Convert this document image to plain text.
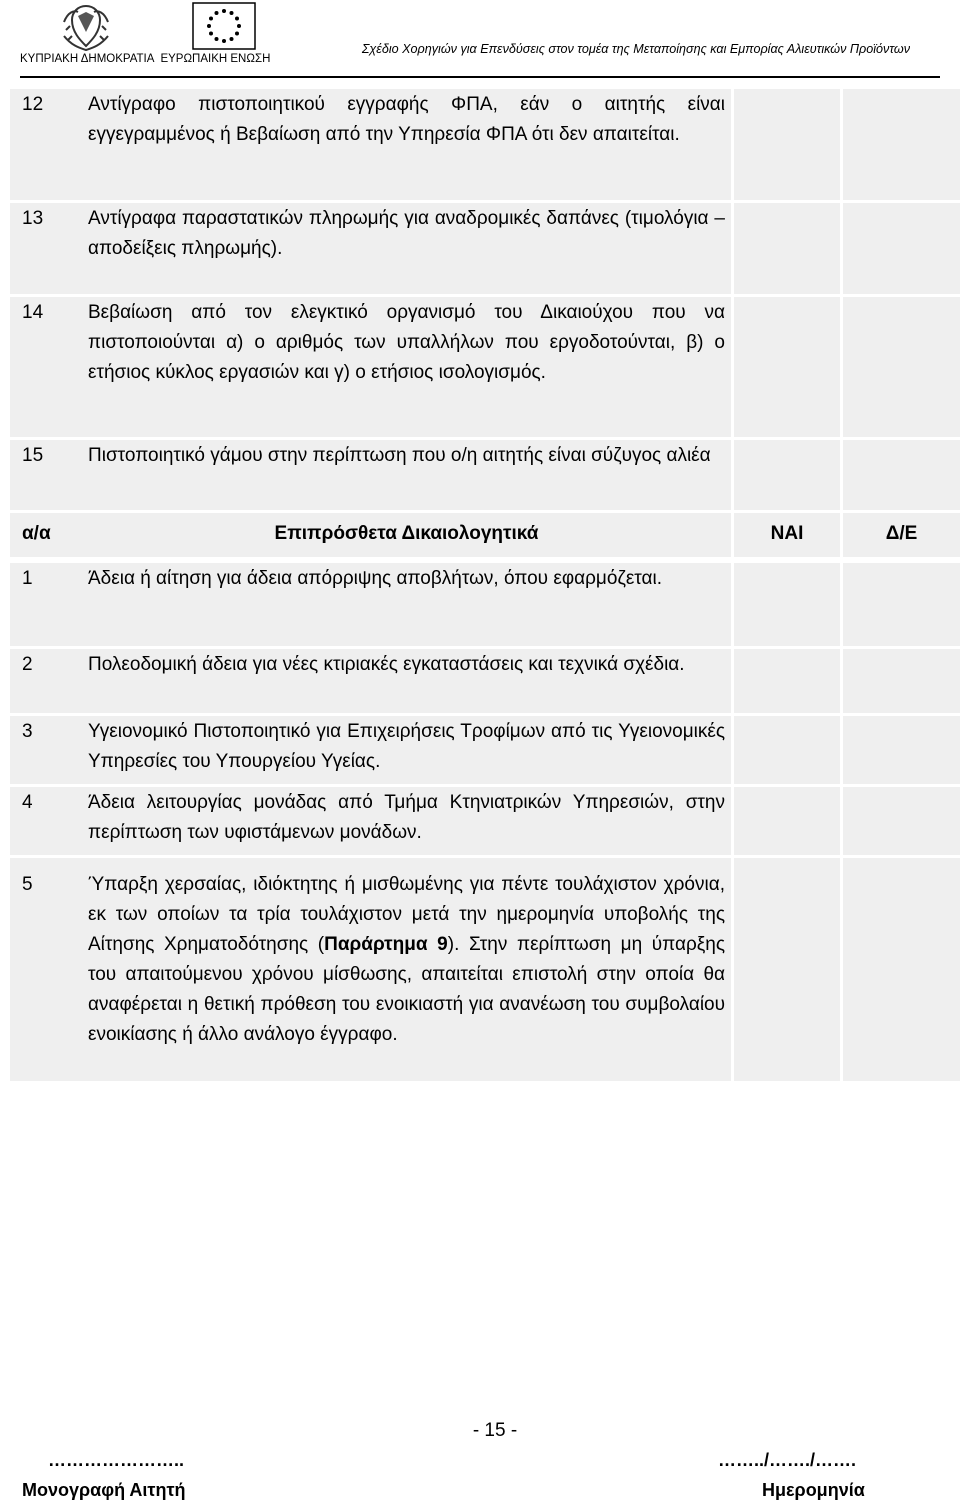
ΚΥΠΡΙΑΚΗ ΔΗΜΟΚΡΑΤΙΑ ΕΥΡΩΠΑΙΚΗ ΕΝΩΣΗ
Σχέδιο Χορηγιών για Επενδύσεις στον τομέα της Μεταποίησης και Εμπορίας Αλιευτικών Προϊόντων
12	Αντίγραφο πιστοποιητικού εγγραφής ΦΠΑ, εάν ο αιτητής είναι εγγεγραμμένος ή Βεβαίωση από την Υπηρεσία ΦΠΑ ότι δεν απαιτείται.
13	Αντίγραφα παραστατικών πληρωμής για αναδρομικές δαπάνες (τιμολόγια – αποδείξεις πληρωμής).
14	Βεβαίωση από τον ελεγκτικό οργανισμό του Δικαιούχου που να πιστοποιούνται α) ο αριθμός των υπαλλήλων που εργοδοτούνται, β) ο ετήσιος κύκλος εργασιών και γ) ο ετήσιος ισολογισμός.
15	Πιστοποιητικό γάμου στην περίπτωση που ο/η αιτητής είναι σύζυγος αλιέα
α/α	Επιπρόσθετα Δικαιολογητικά	ΝΑΙ	Δ/Ε
1	Άδεια ή αίτηση για άδεια απόρριψης αποβλήτων, όπου εφαρμόζεται.
2	Πολεοδομική άδεια για νέες κτιριακές εγκαταστάσεις και τεχνικά σχέδια.
3	Υγειονομικό Πιστοποιητικό για Επιχειρήσεις Τροφίμων από τις Υγειονομικές Υπηρεσίες του Υπουργείου Υγείας.
4	Άδεια λειτουργίας μονάδας από Τμήμα Κτηνιατρικών Υπηρεσιών, στην περίπτωση των υφιστάμενων μονάδων.
5	Ύπαρξη χερσαίας, ιδιόκτητης ή μισθωμένης για πέντε τουλάχιστον χρόνια, εκ των οποίων τα τρία τουλάχιστον μετά την ημερομηνία υποβολής της Αίτησης Χρηματοδότησης (Παράρτημα 9). Στην περίπτωση μη ύπαρξης του απαιτούμενου χρόνου μίσθωσης, απαιτείται επιστολή στην οποία θα αναφέρεται η θετική πρόθεση του ενοικιαστή για ανανέωση του συμβολαίου ενοικίασης ή άλλο ανάλογο έγγραφο.
- 15 -
…………………..	……../……./…….
Μονογραφή Αιτητή	Ημερομηνία
